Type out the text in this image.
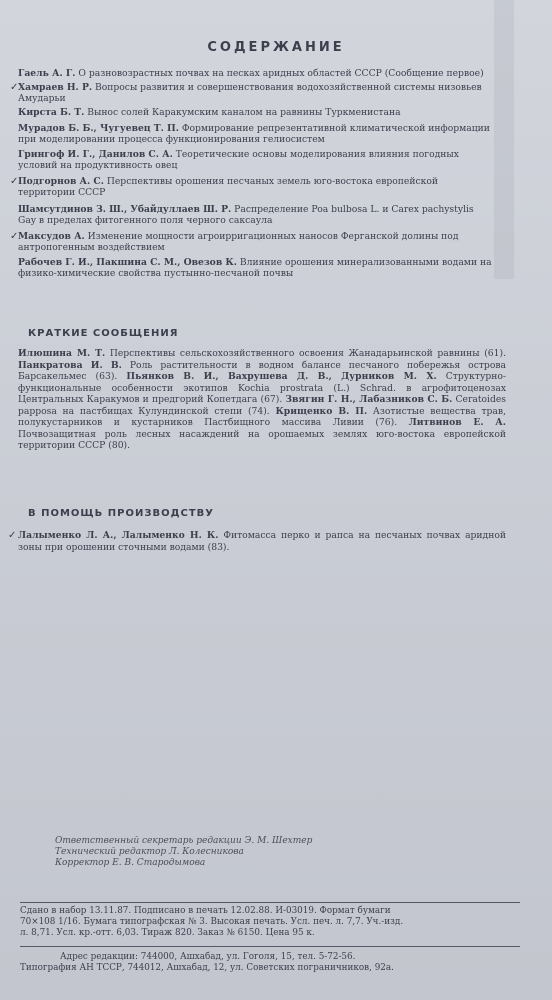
СОДЕРЖАНИЕ
Гаель А. Г. О разновозрастных почвах на песках аридных областей СССР (Сообщение первое)
✓ Хамраев Н. Р. Вопросы развития и совершенствования водохозяйственной системы низовьев Амударьи
Кирста Б. Т. Вынос солей Каракумским каналом на равнины Туркменистана
Мурадов Б. Б., Чугуевец Т. П. Формирование репрезентативной климатической информации при моделировании процесса функционирования гелиосистем
Грингоф И. Г., Данилов С. А. Теоретические основы моделирования влияния погодных условий на продуктивность овец
✓ Подгорнов А. С. Перспективы орошения песчаных земель юго-востока европейской территории СССР
Шамсутдинов З. Ш., Убайдуллаев Ш. Р. Распределение Poa bulbosa L. и Carex pachystylis Gay в пределах фитогенного поля черного саксаула
✓ Максудов А. Изменение мощности агроирригационных наносов Ферганской долины под антропогенным воздействием
Рабочев Г. И., Пакшина С. М., Овезов К. Влияние орошения минерализованными водами на физико-химические свойства пустынно-песчаной почвы
КРАТКИЕ СООБЩЕНИЯ
Илюшина М. Т. Перспективы сельскохозяйственного освоения Жанадарьинской равнины (61). Панкратова И. В. Роль растительности в водном балансе песчаного побережья острова Барсакельмес (63). Пьянков В. И., Вахрушева Д. В., Дурников М. Х. Структурно-функциональные особенности экотипов Kochia prostrata (L.) Schrad. в агрофитоценозах Центральных Каракумов и предгорий Копетдага (67). Звягин Г. Н., Лабазников С. Б. Ceratoides papposa на пастбищах Кулундинской степи (74). Крищенко В. П. Азотистые вещества трав, полукустарников и кустарников Пастбищного массива Ливии (76). Литвинов Е. А. Почвозащитная роль лесных насаждений на орошаемых землях юго-востока европейской территории СССР (80).
В ПОМОЩЬ ПРОИЗВОДСТВУ
✓ Лалыменко Л. А., Лалыменко Н. К. Фитомасса перко и рапса на песчаных почвах аридной зоны при орошении сточными водами (83).
Ответственный секретарь редакции Э. М. Шехтер
Технический редактор Л. Колесникова
Корректор Е. В. Стародымова
Сдано в набор 13.11.87. Подписано в печать 12.02.88. И-03019. Формат бумаги
70×108 1/16. Бумага типографская № 3. Высокая печать. Усл. печ. л. 7,7. Уч.-изд.
л. 8,71. Усл. кр.-отт. 6,03. Тираж 820. Заказ № 6150. Цена 95 к.
Адрес редакции: 744000, Ашхабад, ул. Гоголя, 15, тел. 5-72-56.
Типография АН ТССР, 744012, Ашхабад, 12, ул. Советских пограничников, 92а.
